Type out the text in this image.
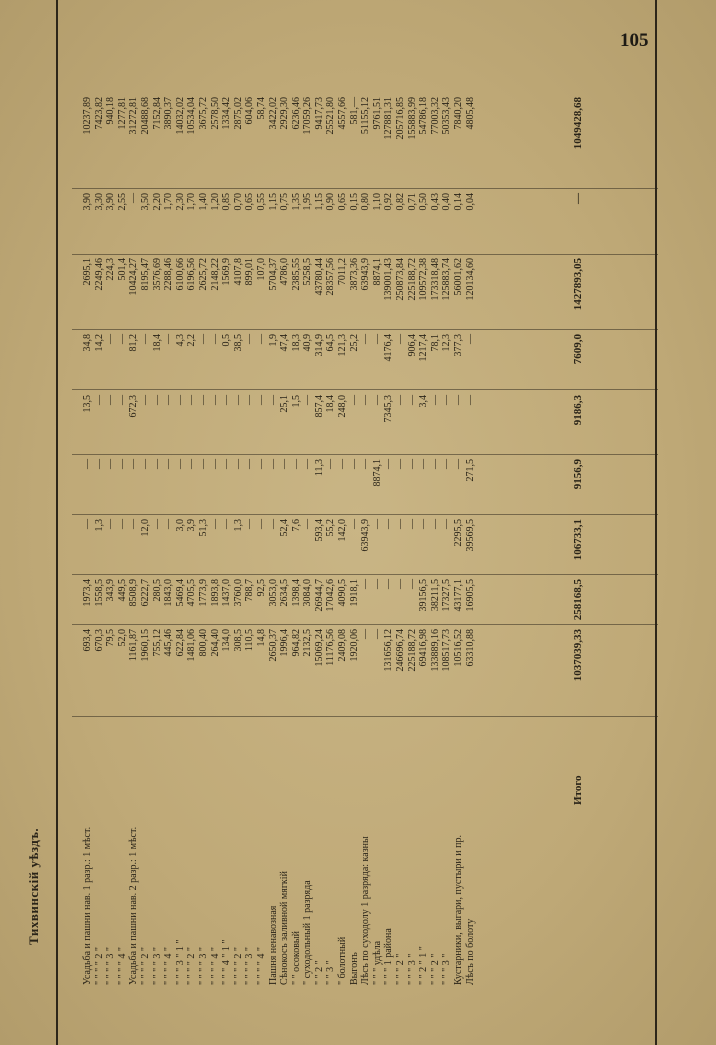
105
Тихвинскій уѣздъ.	Усадьба и пашни нав. 1 разр.: 1 мѣст. " " " " 2 " " " " " 3 " " " " " 4 " Усадьба и пашни нав. 2 разр.: 1 мѣст. " " " " 2 " " " " " 3 " " " " " 4 " " " " 3 " 1 " " " " " 2 " " " " " 3 " " " " " 4 " " " " 4 " 1 " " " " " 2 " " " " " 3 " " " " " 4 " Пашня ненавозная Сѣнокосъ заливной мягкій " " осоковый " суходольный 1 разряда " " 2 " " " 3 " " болотный Выгонъ Лѣсъ по суходолу 1 разряда: казны " " " удѣла " " " 1 района " " " 2 " " " " 3 " " " 2 " 1 " " " " 2 " " " " 3 " Кустарники, выгари, пустыри и пр. Лѣсъ по болоту
693,4 670,3 79,5 52,0 1161,87 1960,15 755,12 445,46 622,84 1481,06 800,40 264,40 134,0 308,5 110,5 14,8 2650,37 1996,4 964,82 2132,5 15069,24 11176,56 2409,08 1920,06 — — 131656,12 246696,74 225188,72 69416,98 133889,16 108517,73 10516,52 63310,88
1973,4 1558,5 343,9 449,5 8508,9 6222,7 280,5 1843,0 5469,4 4705,5 1773,9 1893,8 1437,0 3760,0 788,7 92,5 3053,0 2634,5 1398,4 3084,0 26944,7 17042,6 4090,5 1918,1 — — — — — 39156,5 38211,5 17327,5 43177,1 16905,5
— 1,3 — — — 12,0 — — 3,0 3,9 51,3 — — 1,3 — — — 52,4 7,6 — 593,4 55,2 142,0 — 63943,9 — — — — — — — 2295,5 39569,5
— — — — — — — — — — — — — — — — — — — — 11,3 — — — — 8874,1 — — — — — — — 271,5
13,5 — — — 672,3 — — — — — — — — — — — — 25,1 1,5 — 857,4 18,4 248,0 — — — 7345,3 — — 3,4 — — — —
34,8 14,2 — — 81,2 — 18,4 — 4,3 2,2 — — 0,5 38,5 — — 1,9 47,4 18,3 40,9 314,9 64,5 121,3 25,2 — — 4176,4 — 906,4 1217,4 78,1 12,3 377,3 —
2695,1 2249,46 224,3 501,4 10424,27 8195,47 3576,69 2288,46 6100,66 6196,56 2625,72 2148,22 1569,9 4107,8 899,01 107,0 5704,37 4786,0 2385,55 5258,5 43780,44 28357,56 7011,2 3873,36 63943,9 8874,1 139001,43 250873,84 225188,72 109572,38 173318,48 125883,74 56001,62 120134,60
3,90 3,30 3,90 2,55 — 3,50 2,20 1,70 2,30 1,70 1,40 1,20 0,85 0,70 0,65 0,55 1,15 0,75 1,35 1,95 1,15 0,90 0,65 0,15 0,80 1,10 0,92 0,82 0,71 0,50 0,43 0,40 0,14 0,04
10237,89 7423,82 940,18 1277,81 31272,81 20488,68 7152,84 3890,37 14032,02 10534,04 3675,72 2578,50 1334,42 2875,02 604,06 58,74 3422,02 2929,30 6236,46 17059,26 9417,73 25521,80 4557,66 581,— 51155,12 9761,51 127881,31 205716,85 155883,99 54786,18 77003,32 50353,43 7840,20 4805,48
Итого
1037039,33
258168,5
106733,1
9156,9
9186,3
7609,0
1427893,05
—
1049428,68
